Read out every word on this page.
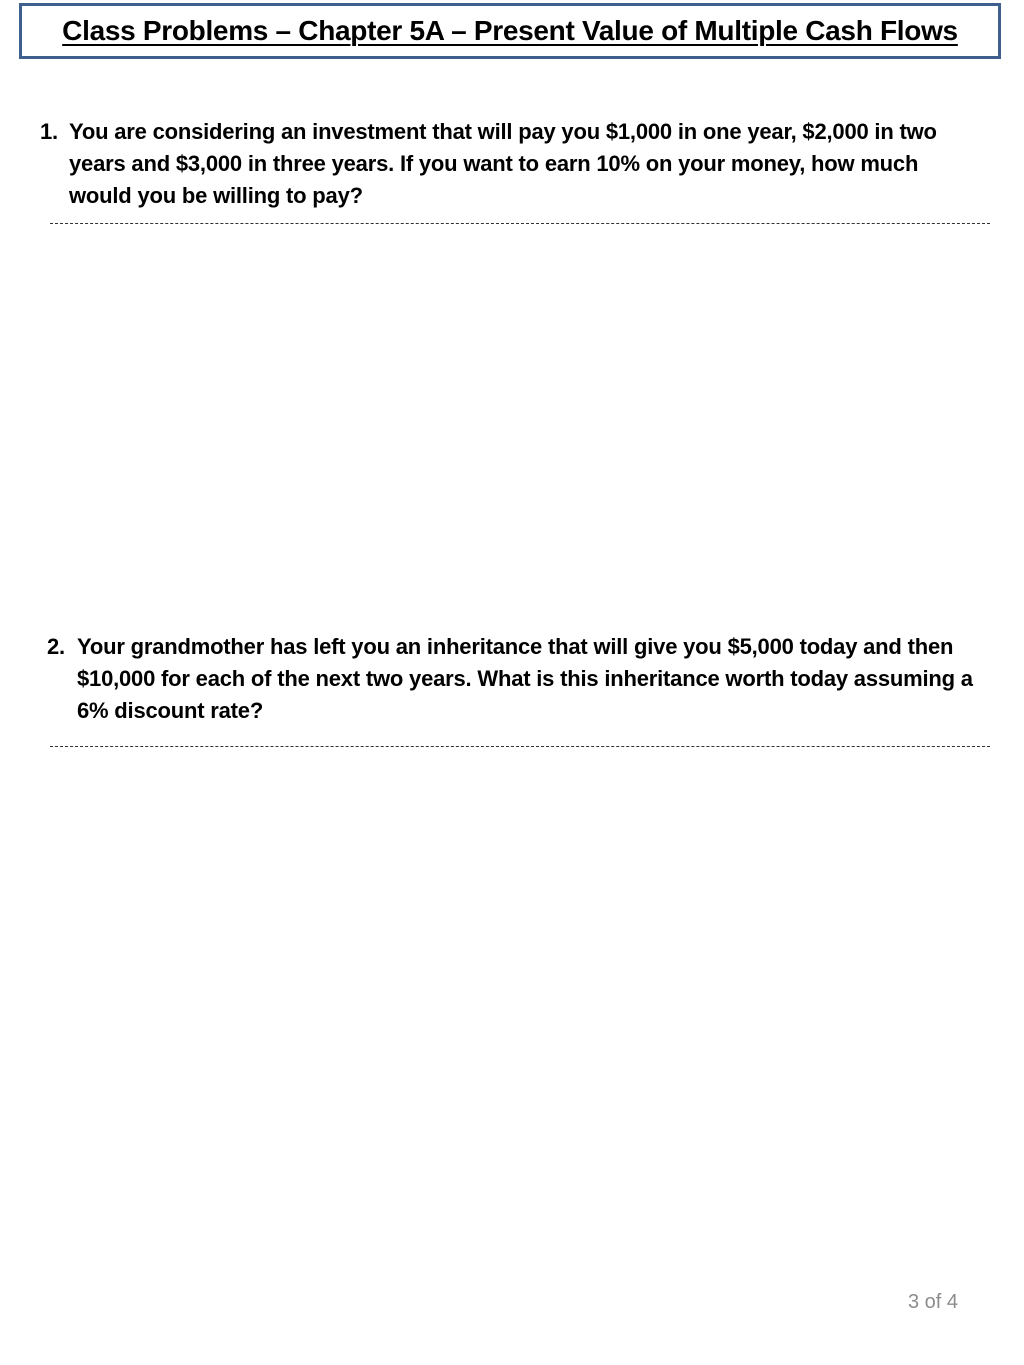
Class Problems – Chapter 5A – Present Value of Multiple Cash Flows
1. You are considering an investment that will pay you $1,000 in one year, $2,000 in two years and $3,000 in three years. If you want to earn 10% on your money, how much would you be willing to pay?
2. Your grandmother has left you an inheritance that will give you $5,000 today and then $10,000 for each of the next two years. What is this inheritance worth today assuming a 6% discount rate?
3 of 4
